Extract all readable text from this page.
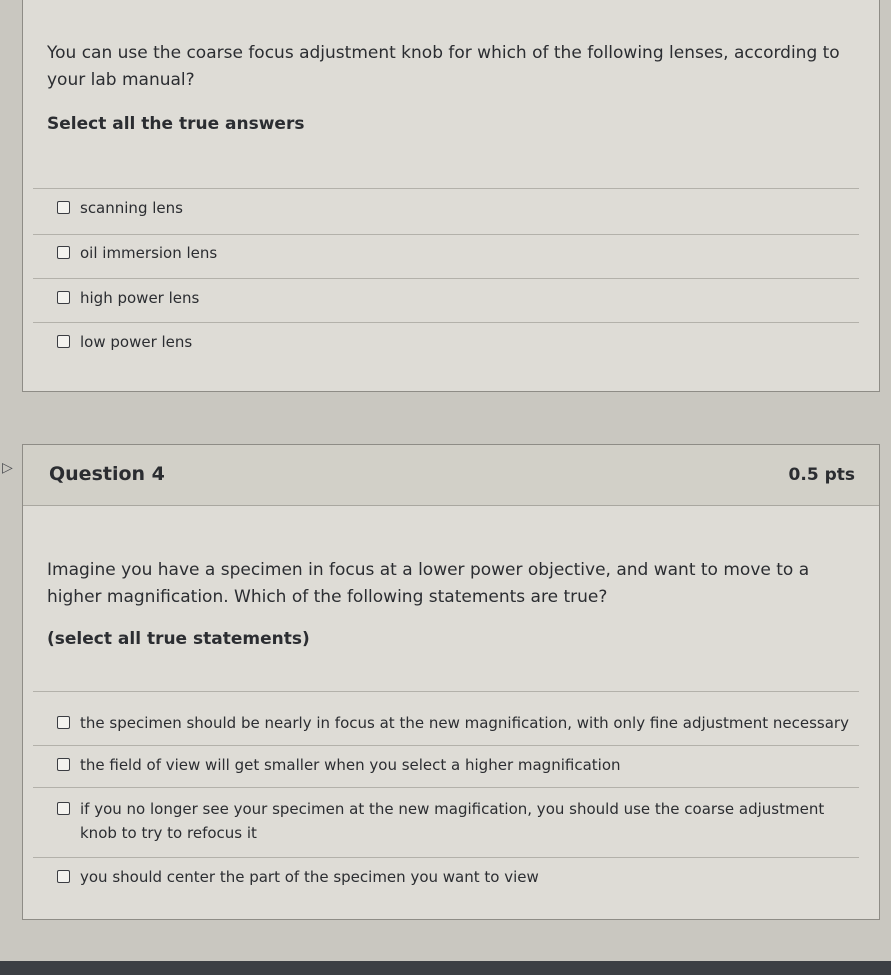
You can use the coarse focus adjustment knob for which of the following lenses, according to your lab manual?
Select all the true answers
scanning lens
oil immersion lens
high power lens
low power lens
▷ Question 4	0.5 pts
Imagine you have a specimen in focus at a lower power objective, and want to move to a higher magnification. Which of the following statements are true?
(select all true statements)
the specimen should be nearly in focus at the new magnification, with only fine adjustment necessary
the field of view will get smaller when you select a higher magnification
if you no longer see your specimen at the new magification, you should use the coarse adjustment knob to try to refocus it
you should center the part of the specimen you want to view
